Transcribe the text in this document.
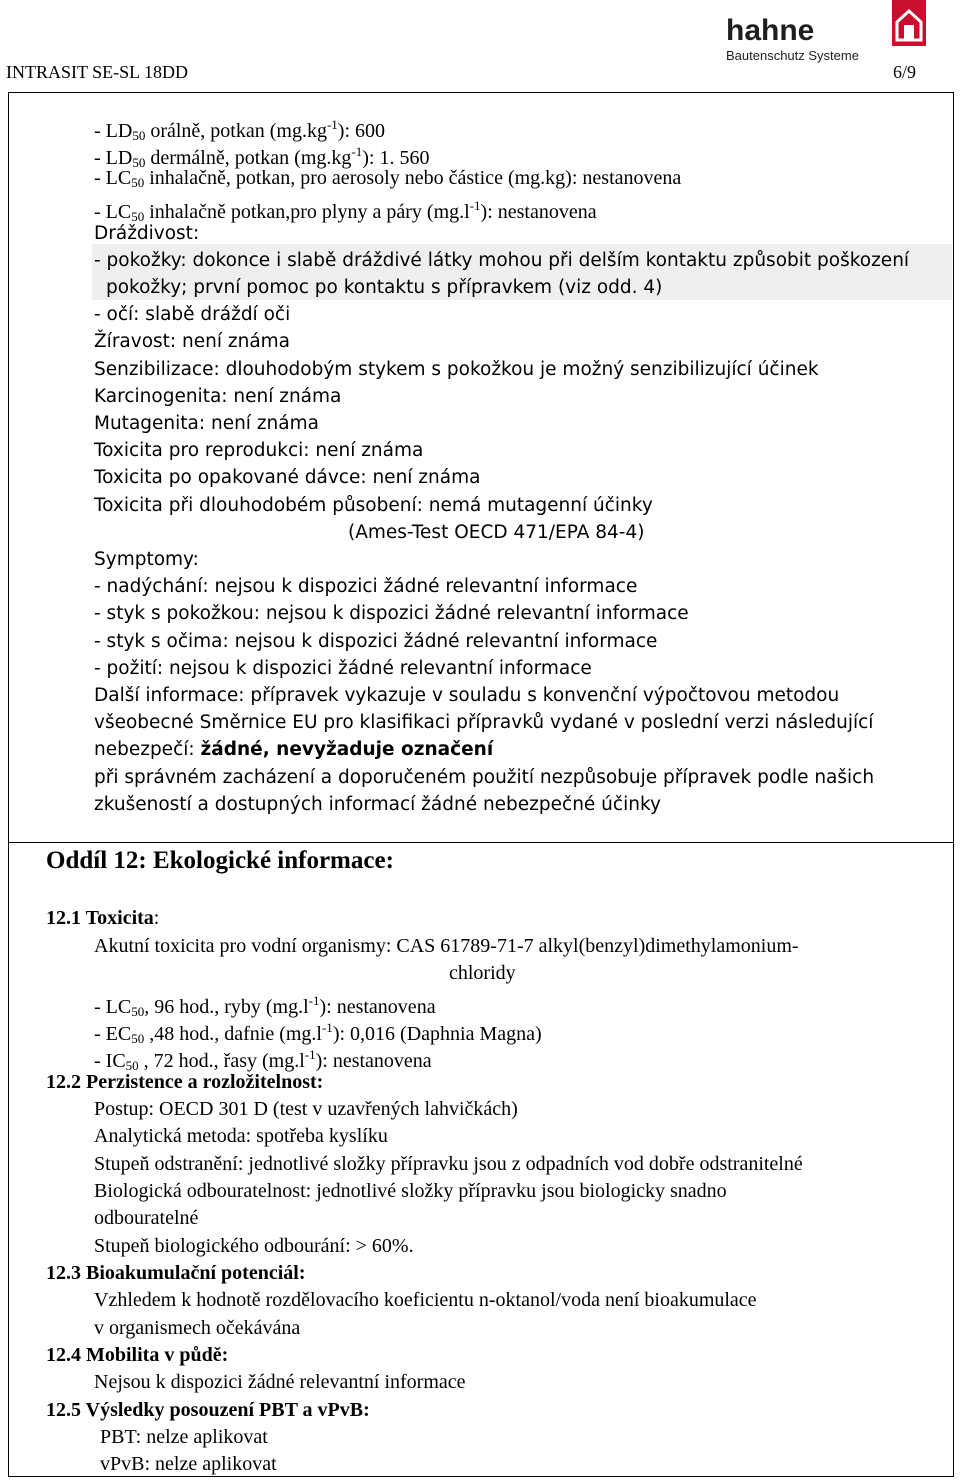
INTRASIT SE-SL 18DD	6/9
hahne
Bautenschutz Systeme
- $LD_{50}$ orálně, potkan $(mg.kg^{-1})$: 600
- $LD_{50}$ dermálně, potkan $(mg.kg^{-1})$: 1. 560
- $LC_{50}$ inhalačně, potkan, pro aerosoly nebo částice (mg.kg): nestanovena
- $LC_{50}$ inhalačně potkan,pro plyny a páry $(mg.l^{-1})$: nestanovena
Dráždivost:
- pokožky: dokonce i slabě dráždivé látky mohou při delším kontaktu způsobit poškození
pokožky; první pomoc po kontaktu s přípravkem (viz odd. 4)
- očí: slabě dráždí oči
Žíravost: není známa
Senzibilizace: dlouhodobým stykem s pokožkou je možný senzibilizující účinek
Karcinogenita: není známa
Mutagenita: není známa
Toxicita pro reprodukci: není známa
Toxicita po opakované dávce: není známa
Toxicita při dlouhodobém působení: nemá mutagenní účinky
(Ames-Test OECD 471/EPA 84-4)
Symptomy:
- nadýchání: nejsou k dispozici žádné relevantní informace
- styk s pokožkou: nejsou k dispozici žádné relevantní informace
- styk s očima: nejsou k dispozici žádné relevantní informace
- požití: nejsou k dispozici žádné relevantní informace
Další informace: přípravek vykazuje v souladu s konvenční výpočtovou metodou
všeobecné Směrnice EU pro klasifikaci přípravků vydané v poslední verzi následující
nebezpečí: žádné, nevyžaduje označení
při správném zacházení a doporučeném použití nezpůsobuje přípravek podle našich
zkušeností a dostupných informací žádné nebezpečné účinky
Oddíl 12: Ekologické informace:
12.1 Toxicita:
Akutní toxicita pro vodní organismy: CAS 61789-71-7 alkyl(benzyl)dimethylamonium-
chloridy
- $LC_{50}$, 96 hod., ryby $(mg.l^{-1})$: nestanovena
- $EC_{50}$ ,48 hod., dafnie $(mg.l^{-1})$: 0,016 (Daphnia Magna)
- $IC_{50}$ , 72 hod., řasy $(mg.l^{-1})$: nestanovena
12.2 Perzistence a rozložitelnost:
Postup: OECD 301 D (test v uzavřených lahvičkách)
Analytická metoda: spotřeba kyslíku
Stupeň odstranění: jednotlivé složky přípravku jsou z odpadních vod dobře odstranitelné
Biologická odbouratelnost: jednotlivé složky přípravku jsou biologicky snadno
odbouratelné
Stupeň biologického odbourání: > 60%.
12.3 Bioakumulační potenciál:
Vzhledem k hodnotě rozdělovacího koeficientu n-oktanol/voda není bioakumulace
v organismech očekávána
12.4 Mobilita v půdě:
Nejsou k dispozici žádné relevantní informace
12.5 Výsledky posouzení PBT a vPvB:
PBT: nelze aplikovat
vPvB: nelze aplikovat
